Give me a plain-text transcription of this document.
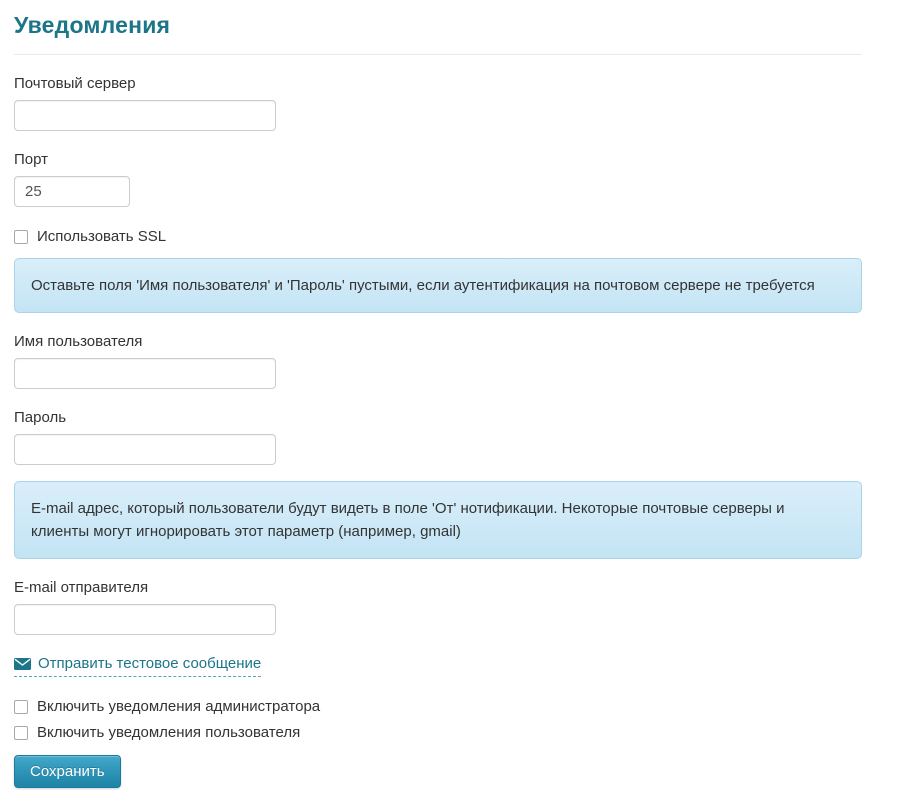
Уведомления
Почтовый сервер
Порт
25
Использовать SSL
Оставьте поля 'Имя пользователя' и 'Пароль' пустыми, если аутентификация на почтовом сервере не требуется
Имя пользователя
Пароль
E-mail адрес, который пользователи будут видеть в поле 'От' нотификации. Некоторые почтовые серверы и клиенты могут игнорировать этот параметр (например, gmail)
E-mail отправителя
Отправить тестовое сообщение
Включить уведомления администратора
Включить уведомления пользователя
Сохранить
